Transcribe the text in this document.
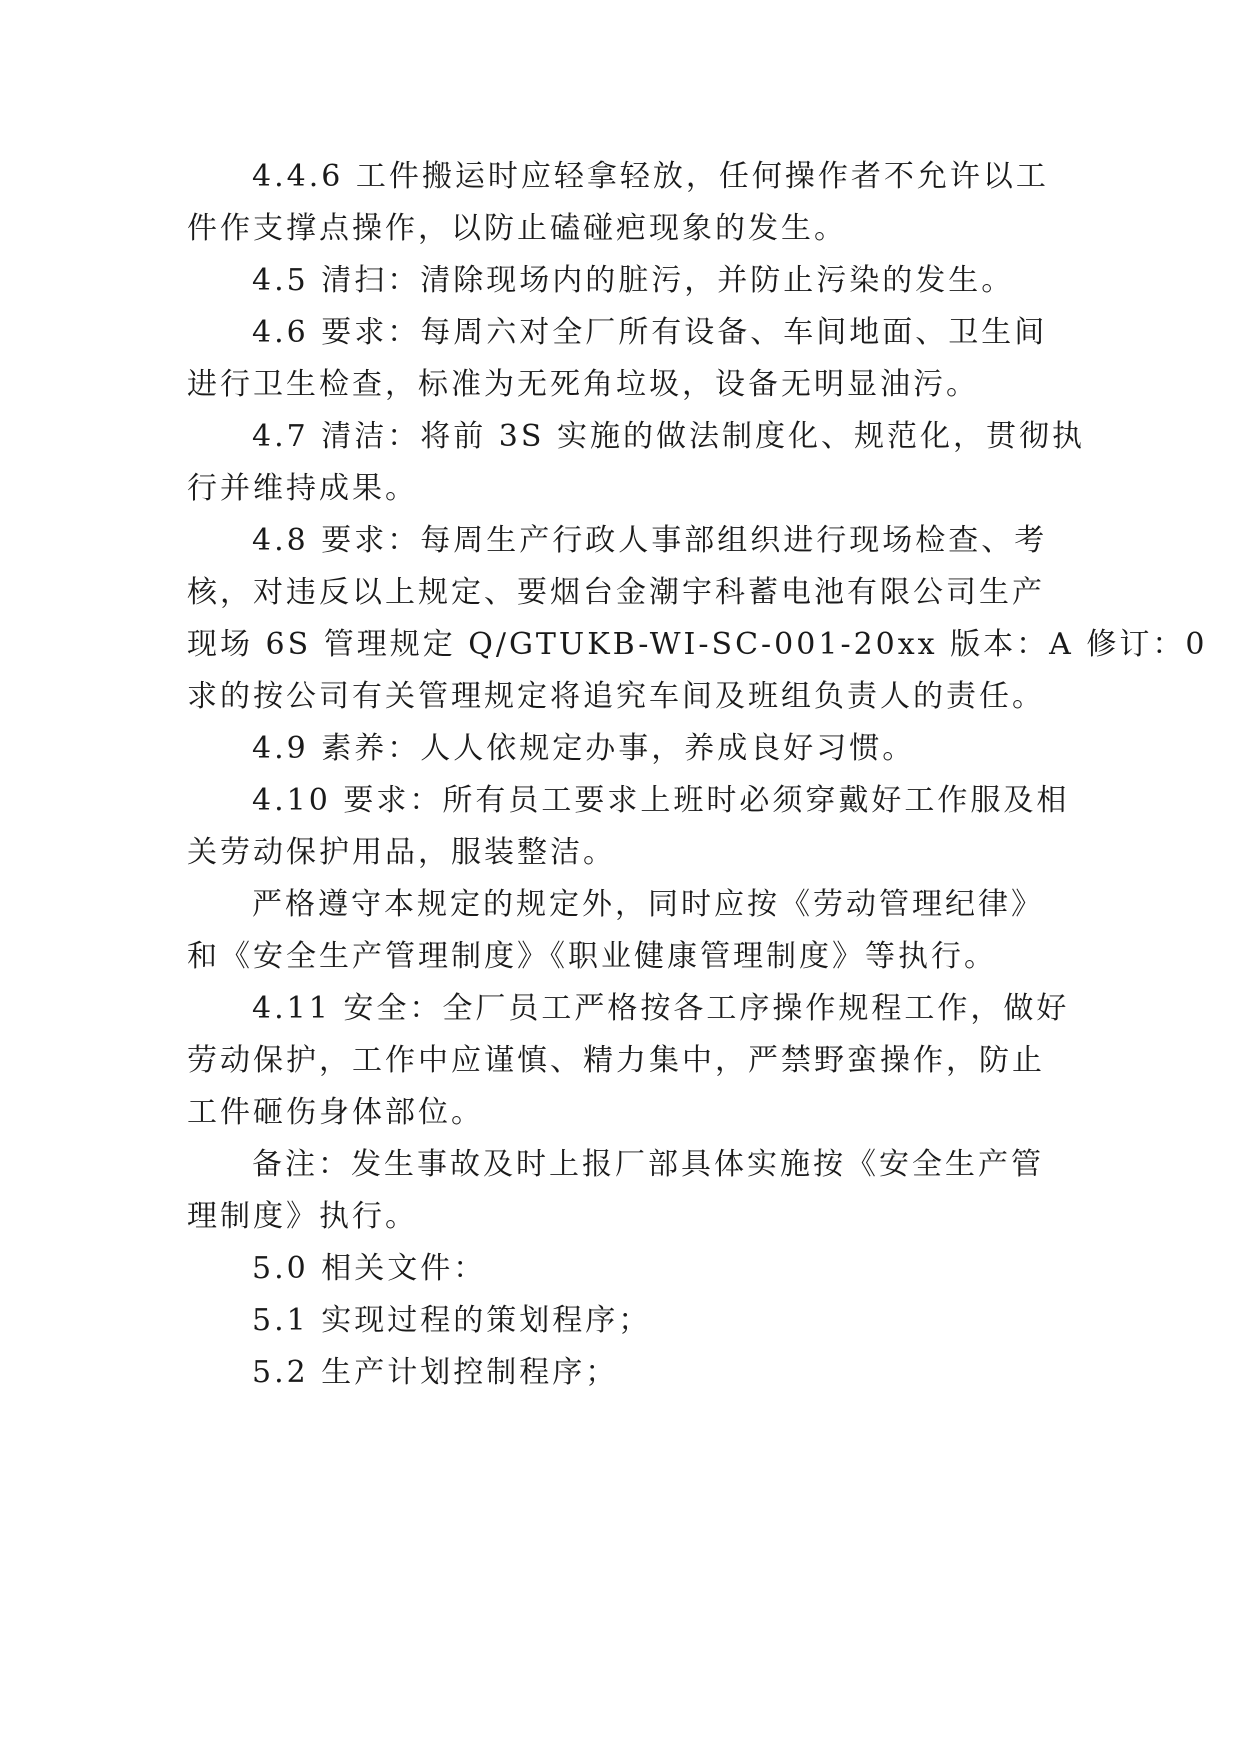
4.4.6 工件搬运时应轻拿轻放，任何操作者不允许以工
件作支撑点操作，以防止磕碰疤现象的发生。
4.5 清扫：清除现场内的脏污，并防止污染的发生。
4.6 要求：每周六对全厂所有设备、车间地面、卫生间
进行卫生检查，标准为无死角垃圾，设备无明显油污。
4.7 清洁：将前 3S 实施的做法制度化、规范化，贯彻执
行并维持成果。
4.8 要求：每周生产行政人事部组织进行现场检查、考
核，对违反以上规定、要烟台金潮宇科蓄电池有限公司生产
现场 6S 管理规定 Q/GTUKB-WI-SC-001-20xx 版本：A 修订：0
求的按公司有关管理规定将追究车间及班组负责人的责任。
4.9 素养：人人依规定办事，养成良好习惯。
4.10 要求：所有员工要求上班时必须穿戴好工作服及相
关劳动保护用品，服装整洁。
严格遵守本规定的规定外，同时应按《劳动管理纪律》
和《安全生产管理制度》《职业健康管理制度》等执行。
4.11 安全：全厂员工严格按各工序操作规程工作，做好
劳动保护，工作中应谨慎、精力集中，严禁野蛮操作，防止
工件砸伤身体部位。
备注：发生事故及时上报厂部具体实施按《安全生产管
理制度》执行。
5.0 相关文件：
5.1 实现过程的策划程序；
5.2 生产计划控制程序；
